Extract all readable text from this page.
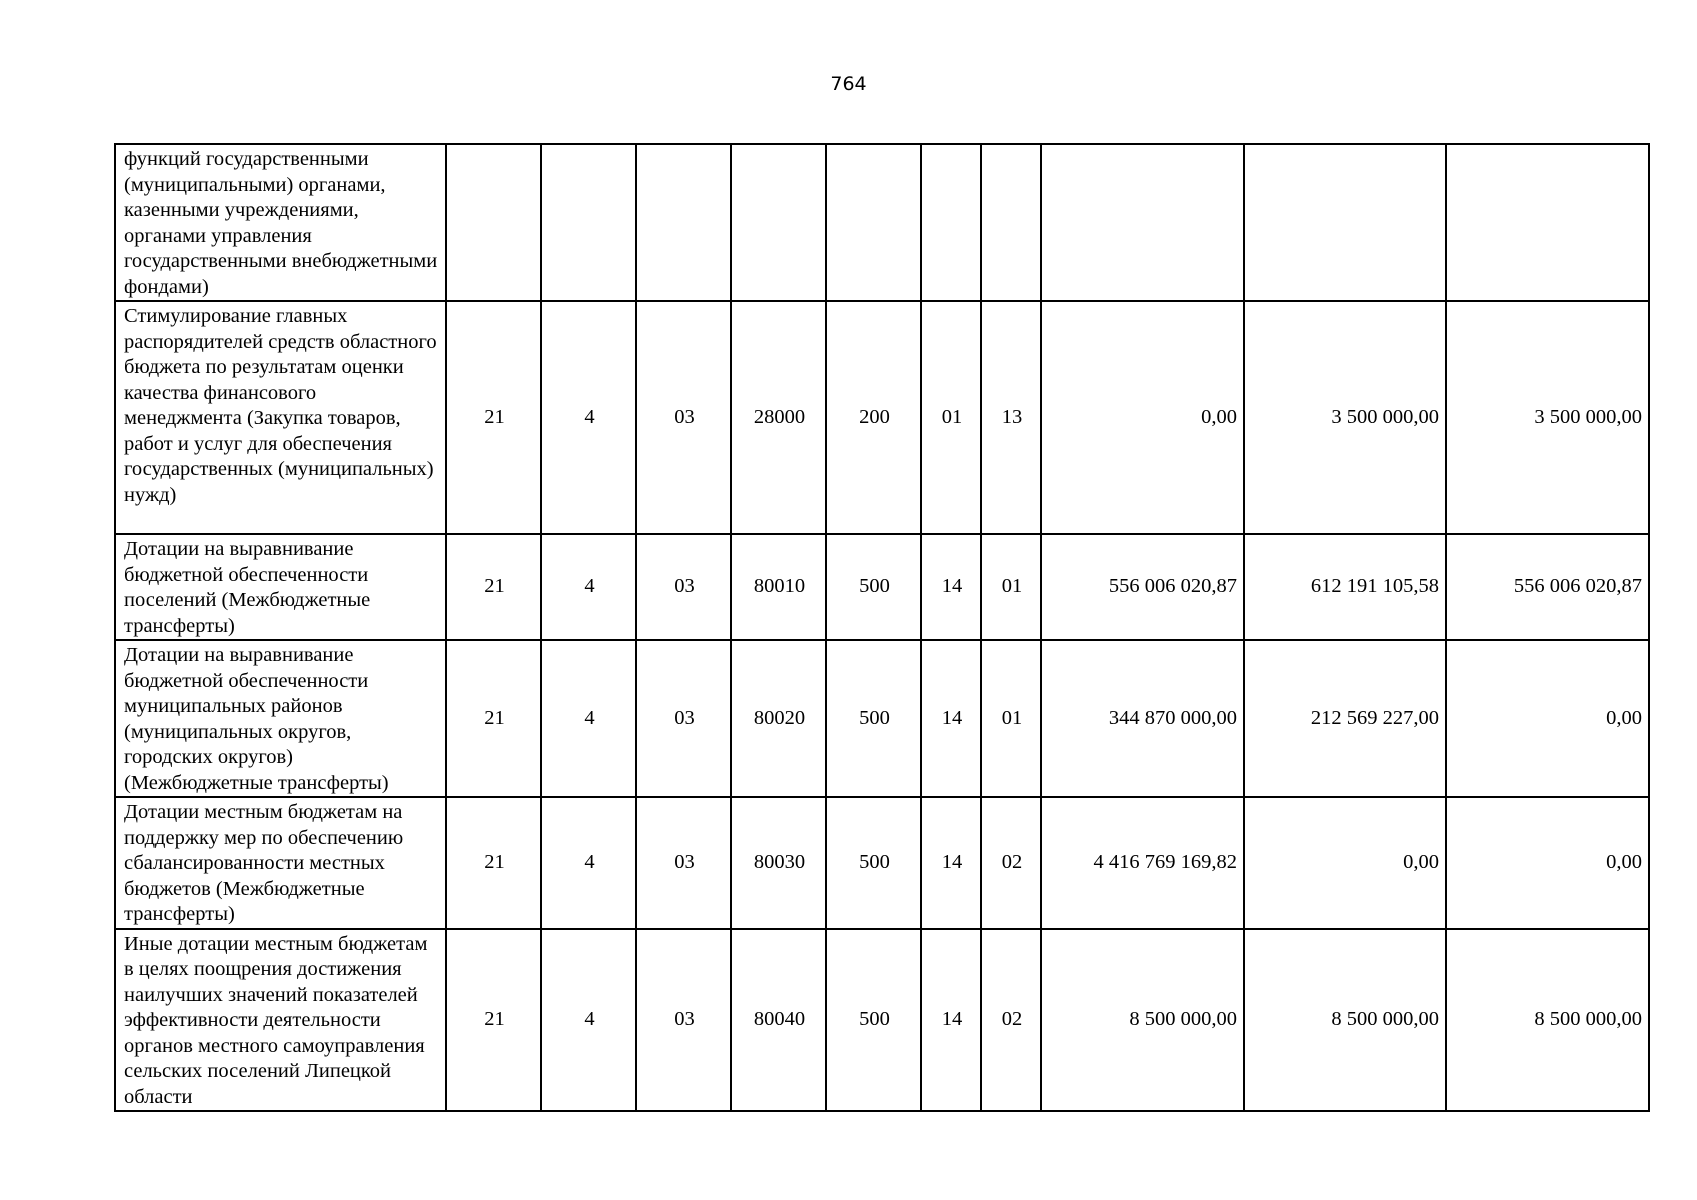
764
функций государственными (муниципальными) органами, казенными учреждениями, органами управления государственными внебюджетными фондами)										
Стимулирование главных распорядителей средств областного бюджета по результатам оценки качества финансового менеджмента (Закупка товаров, работ и услуг для обеспечения государственных (муниципальных) нужд)	21	4	03	28000	200	01	13	0,00	3 500 000,00	3 500 000,00
Дотации на выравнивание бюджетной обеспеченности поселений (Межбюджетные трансферты)	21	4	03	80010	500	14	01	556 006 020,87	612 191 105,58	556 006 020,87
Дотации на выравнивание бюджетной обеспеченности муниципальных районов (муниципальных округов, городских округов) (Межбюджетные трансферты)	21	4	03	80020	500	14	01	344 870 000,00	212 569 227,00	0,00
Дотации местным бюджетам на поддержку мер по обеспечению сбалансированности местных бюджетов (Межбюджетные трансферты)	21	4	03	80030	500	14	02	4 416 769 169,82	0,00	0,00
Иные дотации местным бюджетам в целях поощрения достижения наилучших значений показателей эффективности деятельности органов местного самоуправления сельских поселений Липецкой области	21	4	03	80040	500	14	02	8 500 000,00	8 500 000,00	8 500 000,00
